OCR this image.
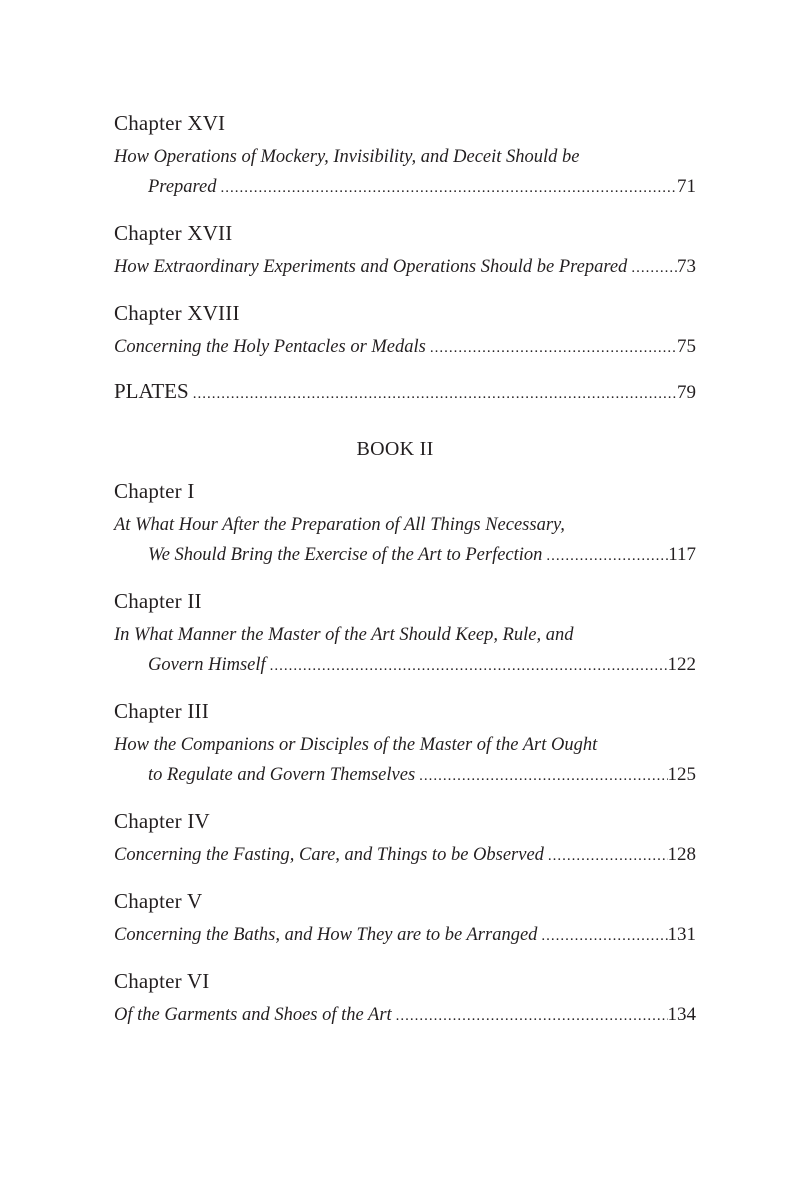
Chapter XVI
How Operations of Mockery, Invisibility, and Deceit Should be
Prepared .....	71
Chapter XVII
How Extraordinary Experiments and Operations Should be Prepared .....	73
Chapter XVIII
Concerning the Holy Pentacles or Medals .....	75
PLATES .....	79
BOOK II
Chapter I
At What Hour After the Preparation of All Things Necessary,
We Should Bring the Exercise of the Art to Perfection .....	117
Chapter II
In What Manner the Master of the Art Should Keep, Rule, and
Govern Himself .....	122
Chapter III
How the Companions or Disciples of the Master of the Art Ought
to Regulate and Govern Themselves .....	125
Chapter IV
Concerning the Fasting, Care, and Things to be Observed .....	128
Chapter V
Concerning the Baths, and How They are to be Arranged .....	131
Chapter VI
Of the Garments and Shoes of the Art .....	134
